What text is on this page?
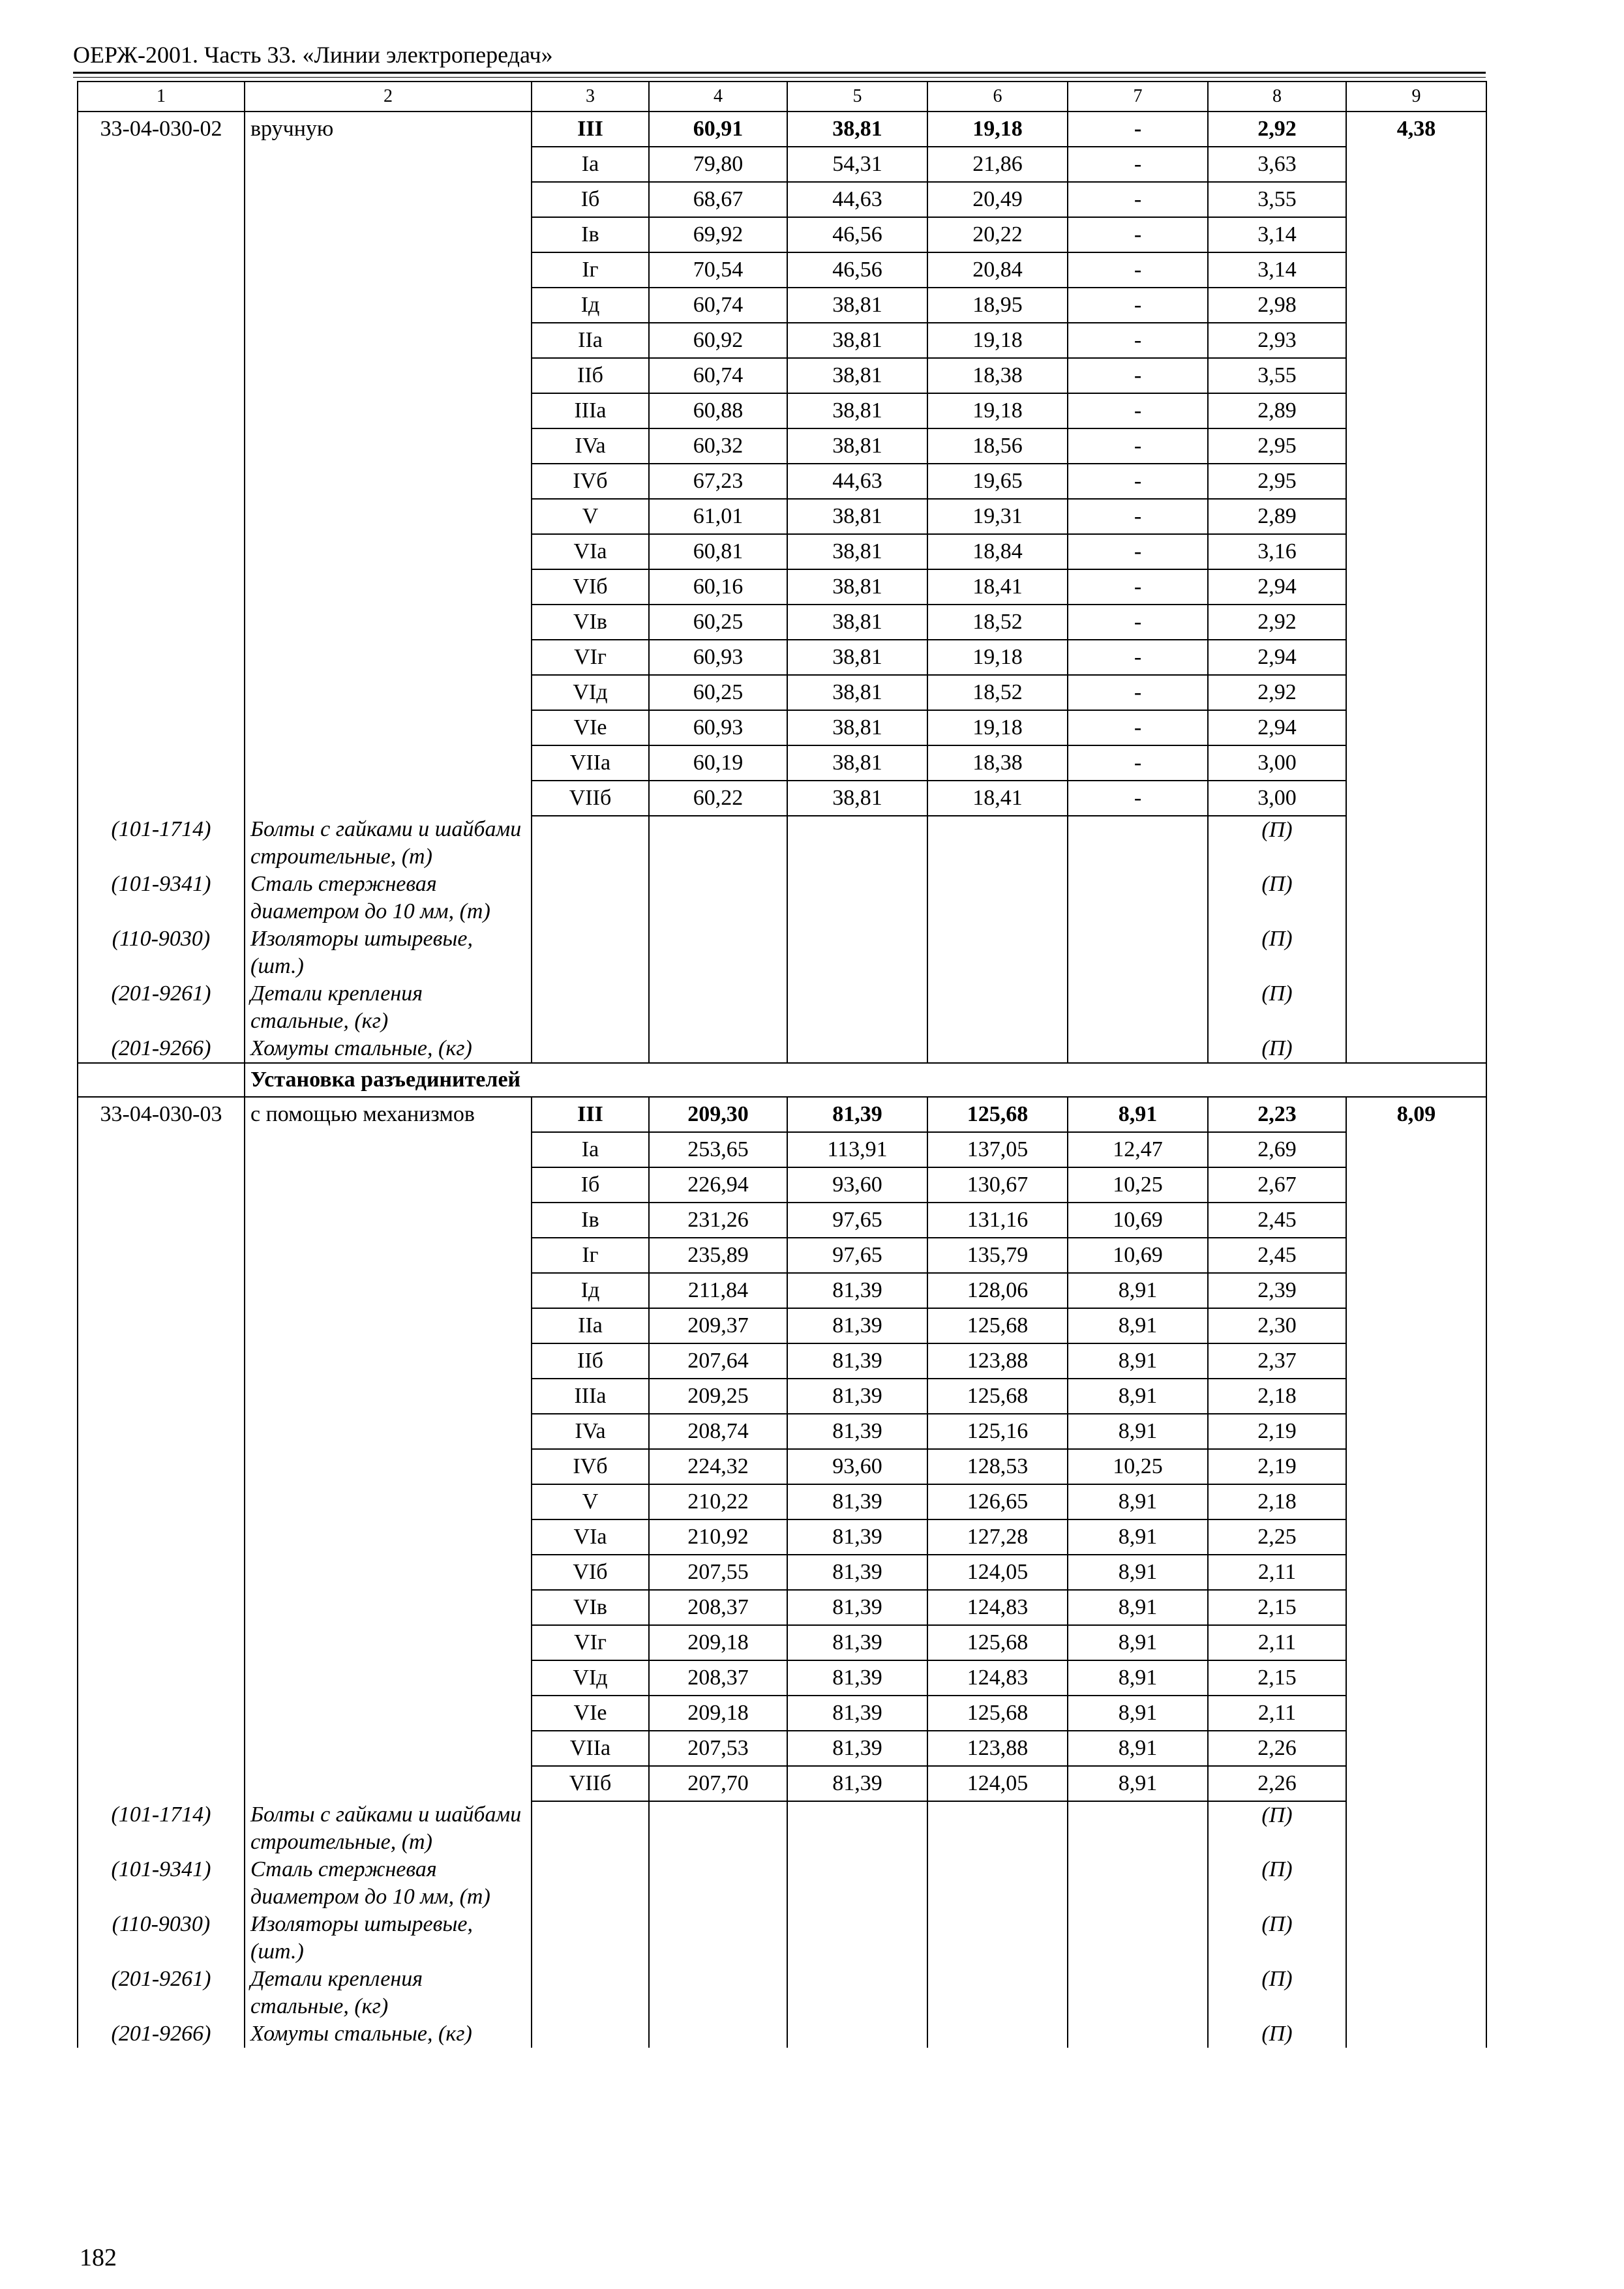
ОЕРЖ-2001. Часть 33. «Линии электропередач»
1	2	3	4	5	6	7	8	9
33-04-030-02	вручную	III	60,91	38,81	19,18	-	2,92	4,38
		Ia	79,80	54,31	21,86	-	3,63	
		Iб	68,67	44,63	20,49	-	3,55	
		Iв	69,92	46,56	20,22	-	3,14	
		Iг	70,54	46,56	20,84	-	3,14	
		Iд	60,74	38,81	18,95	-	2,98	
		IIa	60,92	38,81	19,18	-	2,93	
		IIб	60,74	38,81	18,38	-	3,55	
		IIIa	60,88	38,81	19,18	-	2,89	
		IVa	60,32	38,81	18,56	-	2,95	
		IVб	67,23	44,63	19,65	-	2,95	
		V	61,01	38,81	19,31	-	2,89	
		VIa	60,81	38,81	18,84	-	3,16	
		VIб	60,16	38,81	18,41	-	2,94	
		VIв	60,25	38,81	18,52	-	2,92	
		VIг	60,93	38,81	19,18	-	2,94	
		VIд	60,25	38,81	18,52	-	2,92	
		VIe	60,93	38,81	19,18	-	2,94	
		VIIa	60,19	38,81	18,38	-	3,00	
		VIIб	60,22	38,81	18,41	-	3,00	
(101-1714)	Болты с гайками и шайбами строительные, (т)						(П)	
(101-9341)	Сталь стержневая диаметром до 10 мм, (т)						(П)	
(110-9030)	Изоляторы штыревые, (шт.)						(П)	
(201-9261)	Детали крепления стальные, (кг)						(П)	
(201-9266)	Хомуты стальные, (кг)						(П)	
	Установка разъединителей							
33-04-030-03	с помощью механизмов	III	209,30	81,39	125,68	8,91	2,23	8,09
		Ia	253,65	113,91	137,05	12,47	2,69	
		Iб	226,94	93,60	130,67	10,25	2,67	
		Iв	231,26	97,65	131,16	10,69	2,45	
		Iг	235,89	97,65	135,79	10,69	2,45	
		Iд	211,84	81,39	128,06	8,91	2,39	
		IIa	209,37	81,39	125,68	8,91	2,30	
		IIб	207,64	81,39	123,88	8,91	2,37	
		IIIa	209,25	81,39	125,68	8,91	2,18	
		IVa	208,74	81,39	125,16	8,91	2,19	
		IVб	224,32	93,60	128,53	10,25	2,19	
		V	210,22	81,39	126,65	8,91	2,18	
		VIa	210,92	81,39	127,28	8,91	2,25	
		VIб	207,55	81,39	124,05	8,91	2,11	
		VIв	208,37	81,39	124,83	8,91	2,15	
		VIг	209,18	81,39	125,68	8,91	2,11	
		VIд	208,37	81,39	124,83	8,91	2,15	
		VIe	209,18	81,39	125,68	8,91	2,11	
		VIIa	207,53	81,39	123,88	8,91	2,26	
		VIIб	207,70	81,39	124,05	8,91	2,26	
(101-1714)	Болты с гайками и шайбами строительные, (т)						(П)	
(101-9341)	Сталь стержневая диаметром до 10 мм, (т)						(П)	
(110-9030)	Изоляторы штыревые, (шт.)						(П)	
(201-9261)	Детали крепления стальные, (кг)						(П)	
(201-9266)	Хомуты стальные, (кг)						(П)	
182
